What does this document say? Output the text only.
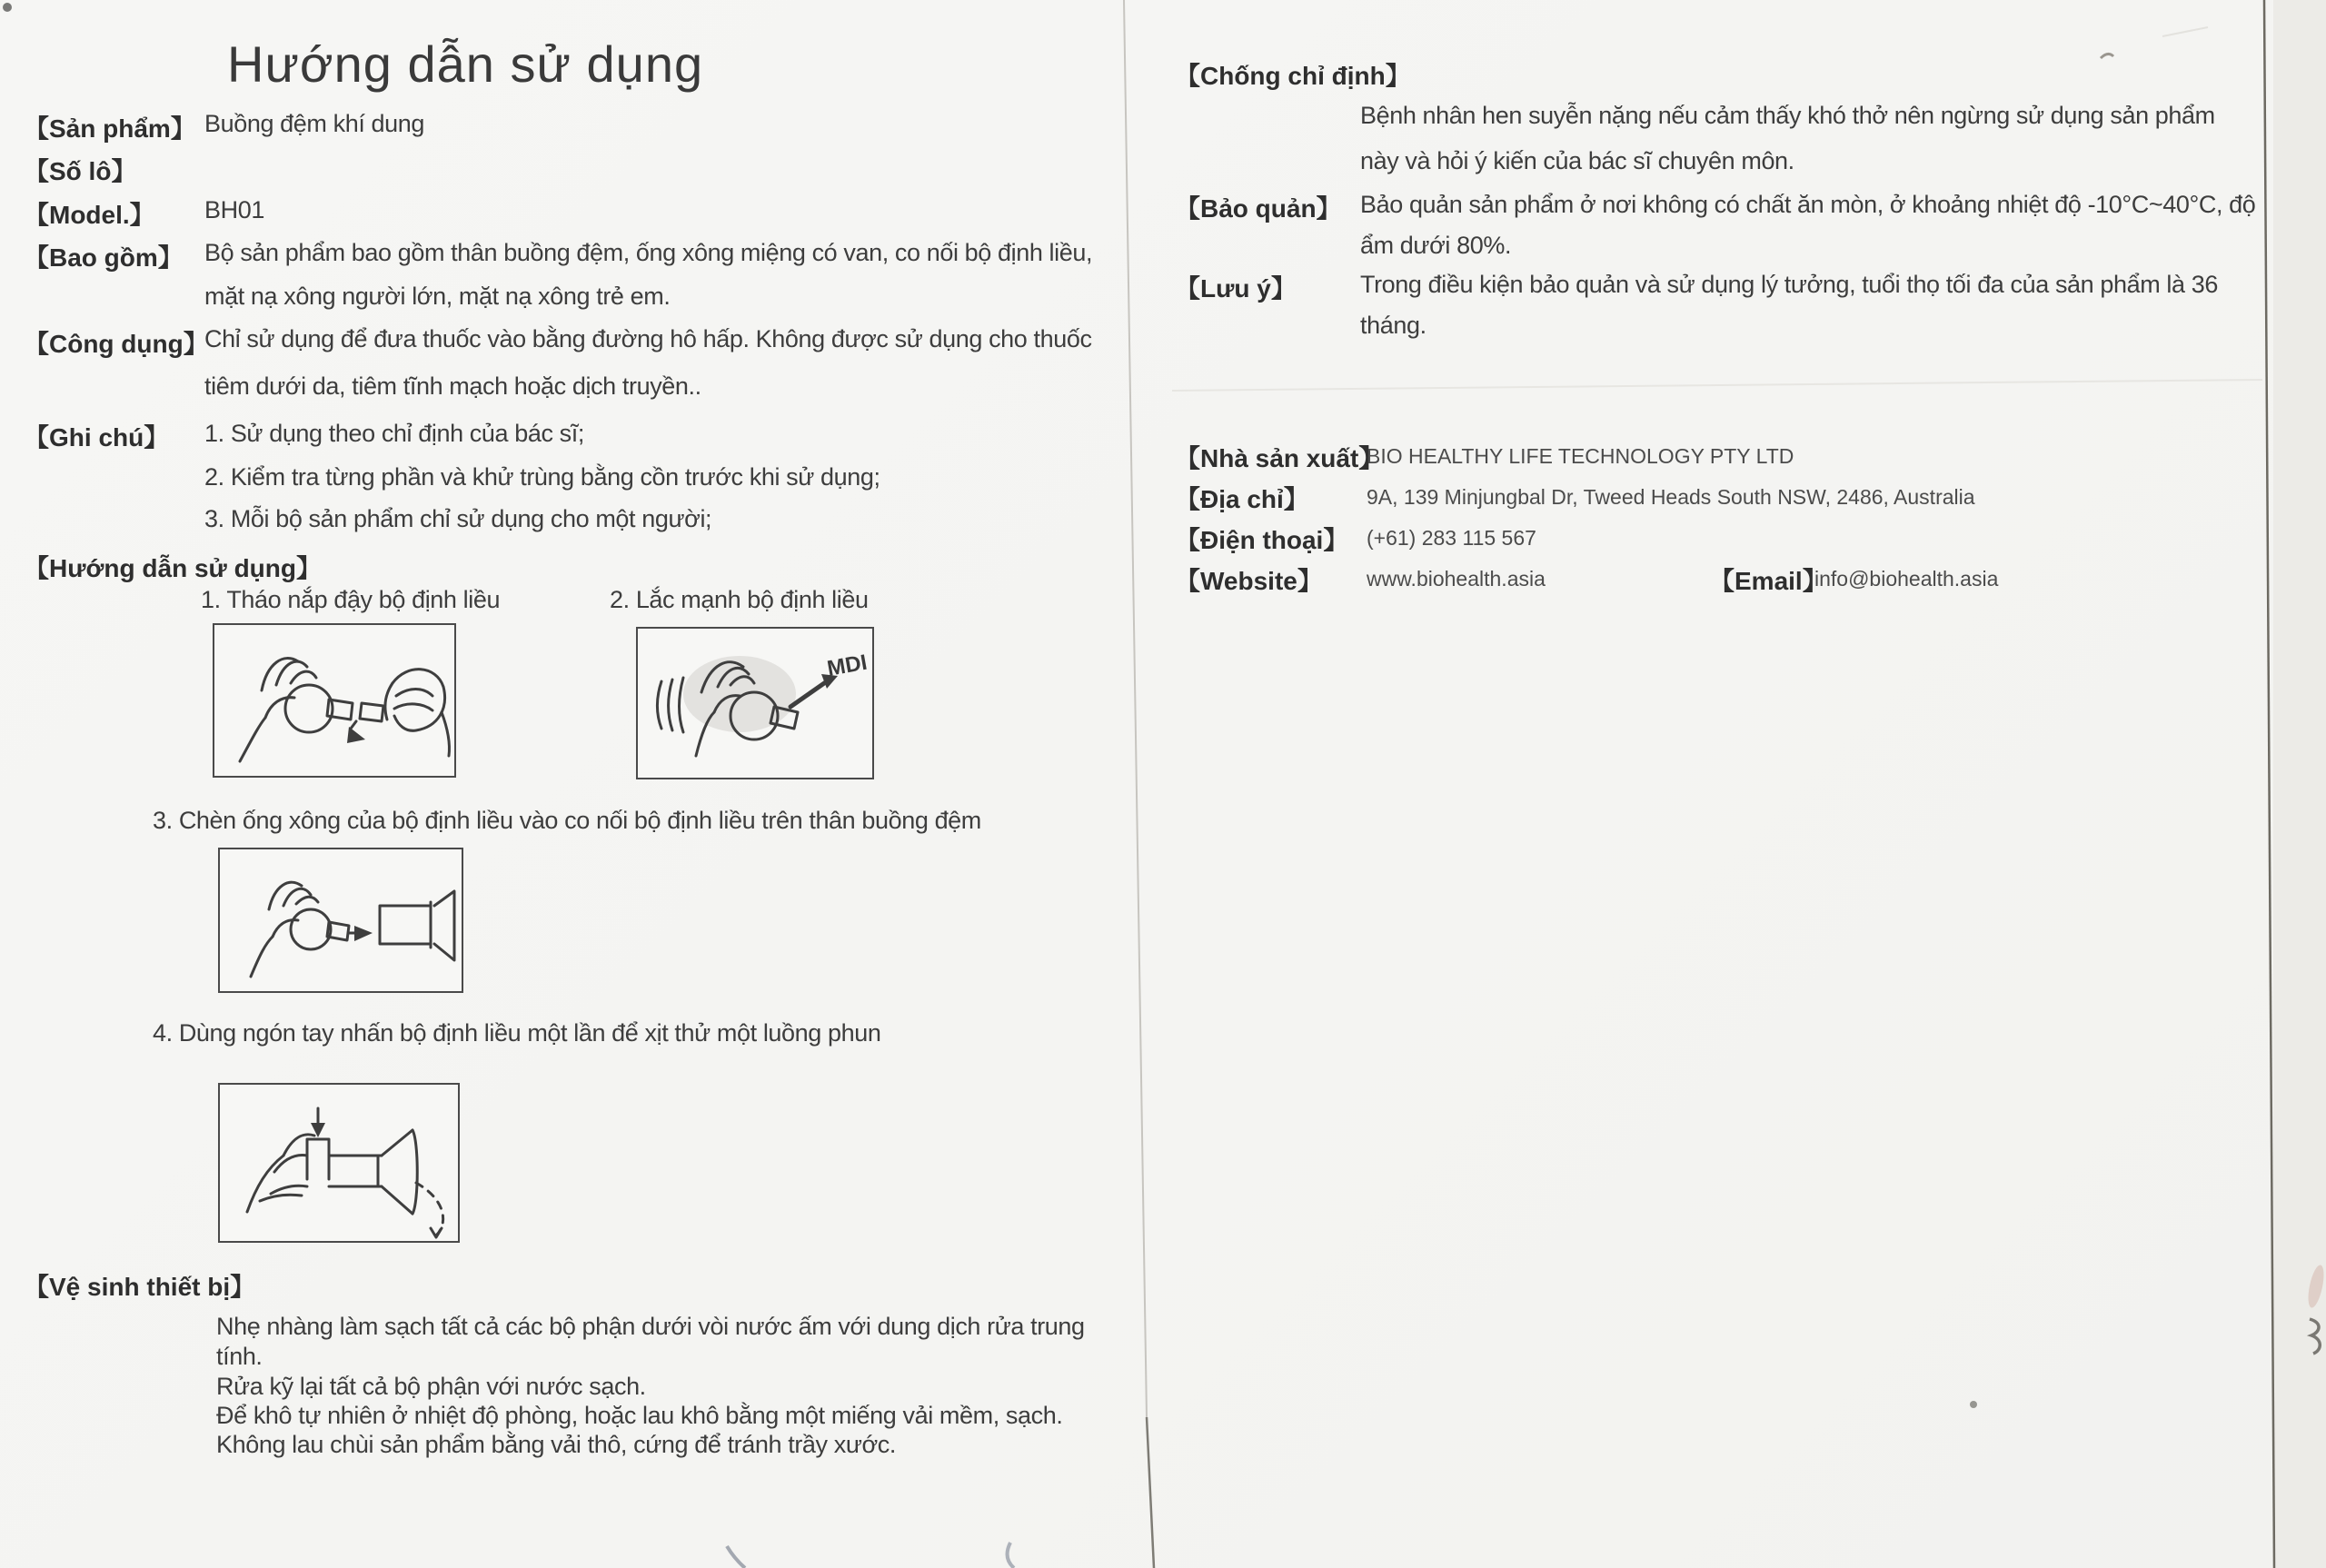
Hướng dẫn sử dụng
【Sản phẩm】 Buồng đệm khí dung
【Số lô】
【Model.】 BH01
【Bao gồm】 Bộ sản phẩm bao gồm thân buồng đệm, ống xông miệng có van, co nối bộ định liều,
mặt nạ xông người lớn, mặt nạ xông trẻ em.
【Công dụng】
Chỉ sử dụng để đưa thuốc vào bằng đường hô hấp. Không được sử dụng cho thuốc
tiêm dưới da, tiêm tĩnh mạch hoặc dịch truyền..
【Ghi chú】 1. Sử dụng theo chỉ định của bác sĩ;
2. Kiểm tra từng phần và khử trùng bằng cồn trước khi sử dụng;
3. Mỗi bộ sản phẩm chỉ sử dụng cho một người;
【Hướng dẫn sử dụng】
1. Tháo nắp đậy bộ định liều	2. Lắc mạnh bộ định liều
MDI
3. Chèn ống xông của bộ định liều vào co nối bộ định liều trên thân buồng đệm
4. Dùng ngón tay nhấn bộ định liều một lần để xịt thử một luồng phun
【Vệ sinh thiết bị】
Nhẹ nhàng làm sạch tất cả các bộ phận dưới vòi nước ấm với dung dịch rửa trung
tính.
Rửa kỹ lại tất cả bộ phận với nước sạch.
Để khô tự nhiên ở nhiệt độ phòng, hoặc lau khô bằng một miếng vải mềm, sạch.
Không lau chùi sản phẩm bằng vải thô, cứng để tránh trầy xước.
【Chống chỉ định】
Bệnh nhân hen suyễn nặng nếu cảm thấy khó thở nên ngừng sử dụng sản phẩm
này và hỏi ý kiến của bác sĩ chuyên môn.
【Bảo quản】 Bảo quản sản phẩm ở nơi không có chất ăn mòn, ở khoảng nhiệt độ -10°C~40°C, độ
ẩm dưới 80%.
【Lưu ý】	Trong điều kiện bảo quản và sử dụng lý tưởng, tuổi thọ tối đa của sản phẩm là 36
tháng.
【Nhà sản xuất】
BIO HEALTHY LIFE TECHNOLOGY PTY LTD
【Địa chỉ】	9A, 139 Minjungbal Dr, Tweed Heads South NSW, 2486, Australia
【Điện thoại】 (+61) 283 115 567
【Website】 www.biohealth.asia	【Email】
info@biohealth.asia
